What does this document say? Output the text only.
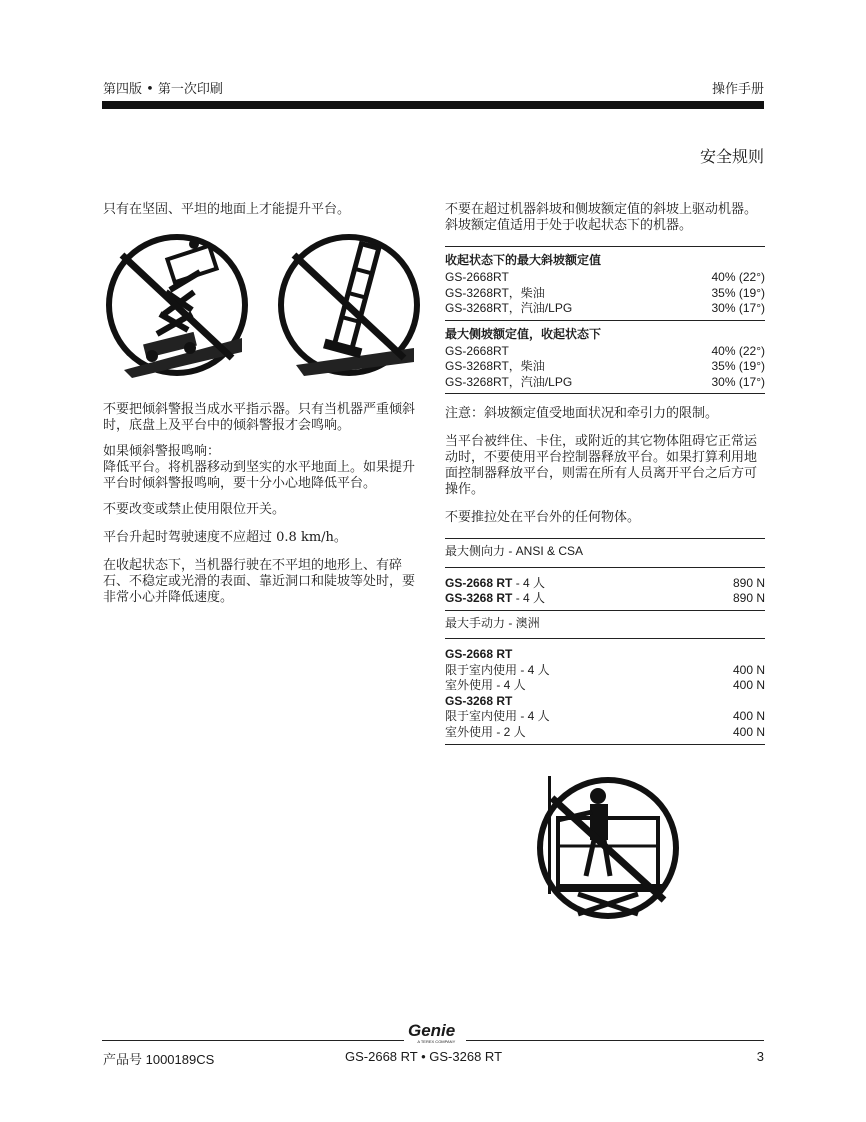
第四版 • 第一次印刷	操作手册
安全规则

只有在坚固、平坦的地面上才能提升平台。

不要把倾斜警报当成水平指示器。只有当机器严重倾斜时，底盘上及平台中的倾斜警报才会鸣响。

如果倾斜警报鸣响：

降低平台。将机器移动到坚实的水平地面上。如果提升平台时倾斜警报鸣响，要十分小心地降低平台。

不要改变或禁止使用限位开关。

平台升起时驾驶速度不应超过 0.8 km/h。

在收起状态下，当机器行驶在不平坦的地形上、有碎石、不稳定或光滑的表面、靠近洞口和陡坡等处时，要非常小心并降低速度。

不要在超过机器斜坡和侧坡额定值的斜坡上驱动机器。斜坡额定值适用于处于收起状态下的机器。

收起状态下的最大斜坡额定值
GS-2668RT	40% (22°)
GS-3268RT，柴油	35% (19°)
GS-3268RT，汽油/LPG	30% (17°)
最大侧坡额定值，收起状态下
GS-2668RT	40% (22°)
GS-3268RT，柴油	35% (19°)
GS-3268RT，汽油/LPG	30% (17°)

注意：斜坡额定值受地面状况和牵引力的限制。

当平台被绊住、卡住，或附近的其它物体阻碍它正常运动时，不要使用平台控制器释放平台。如果打算利用地面控制器释放平台，则需在所有人员离开平台之后方可操作。

不要推拉处在平台外的任何物体。

最大侧向力 - ANSI & CSA
GS-2668 RT - 4 人	890 N
GS-3268 RT - 4 人	890 N
最大手动力 - 澳洲
GS-2668 RT
限于室内使用 - 4 人	400 N
室外使用 - 4 人	400 N
GS-3268 RT
限于室内使用 - 4 人	400 N
室外使用 - 2 人	400 N
Genie
A TEREX COMPANY
产品号 1000189CS	GS-2668 RT • GS-3268 RT	3
